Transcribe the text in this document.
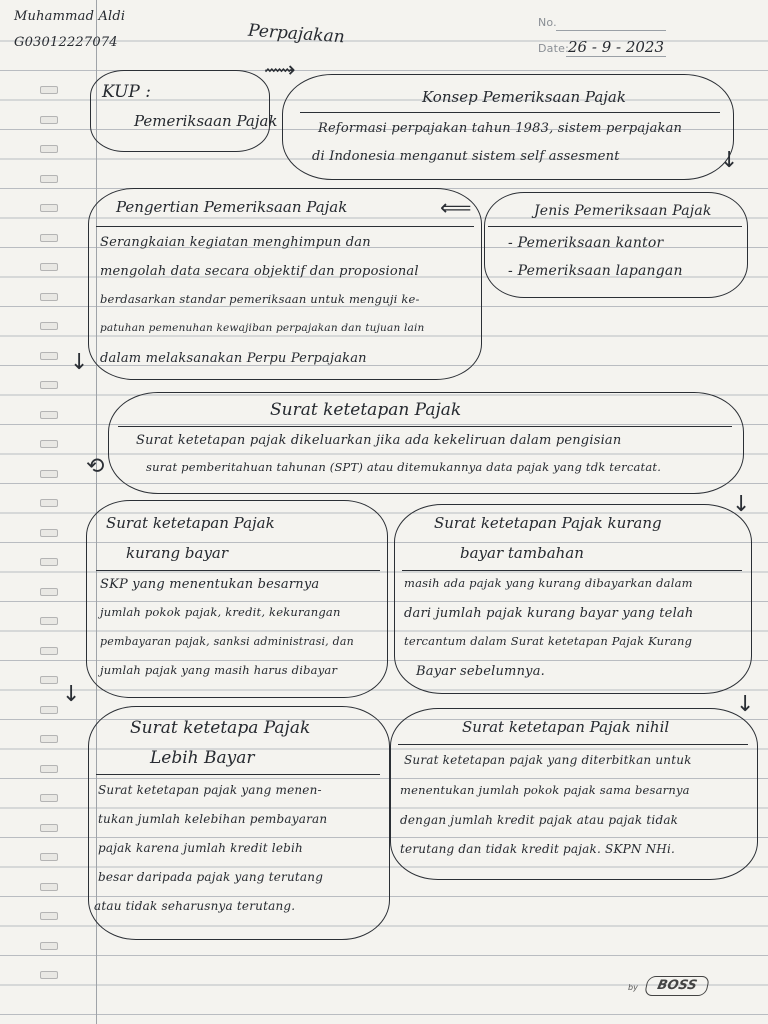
Muhammad Aldi
G03012227074	Perpajakan	No.
Date: 26 - 9 - 2023
KUP :
Pemeriksaan Pajak
⟿
Konsep Pemeriksaan Pajak
Reformasi perpajakan tahun 1983, sistem perpajakan
di Indonesia menganut sistem self assesment	↓
Pengertian Pemeriksaan Pajak
Serangkaian kegiatan menghimpun dan
mengolah data secara objektif dan proposional
berdasarkan standar pemeriksaan untuk menguji ke-
patuhan pemenuhan kewajiban perpajakan dan tujuan lain
dalam melaksanakan Perpu Perpajakan
↓
⟸	Jenis Pemeriksaan Pajak
- Pemeriksaan kantor
- Pemeriksaan lapangan
Surat ketetapan Pajak
Surat ketetapan pajak dikeluarkan jika ada kekeliruan dalam pengisian
surat pemberitahuan tahunan (SPT) atau ditemukannya data pajak yang tdk tercatat.
⟲
↓
Surat ketetapan Pajak
kurang bayar
SKP yang menentukan besarnya
jumlah pokok pajak, kredit, kekurangan
pembayaran pajak, sanksi administrasi, dan
jumlah pajak yang masih harus dibayar
↓
Surat ketetapan Pajak kurang
bayar tambahan
masih ada pajak yang kurang dibayarkan dalam
dari jumlah pajak kurang bayar yang telah
tercantum dalam Surat ketetapan Pajak Kurang
Bayar sebelumnya.
↓
Surat ketetapa Pajak
Lebih Bayar
Surat ketetapan pajak yang menen-
tukan jumlah kelebihan pembayaran
pajak karena jumlah kredit lebih
besar daripada pajak yang terutang
atau tidak seharusnya terutang.
Surat ketetapan Pajak nihil
Surat ketetapan pajak yang diterbitkan untuk
menentukan jumlah pokok pajak sama besarnya
dengan jumlah kredit pajak atau pajak tidak
terutang dan tidak kredit pajak. SKPN NHi.
by	BOSS
